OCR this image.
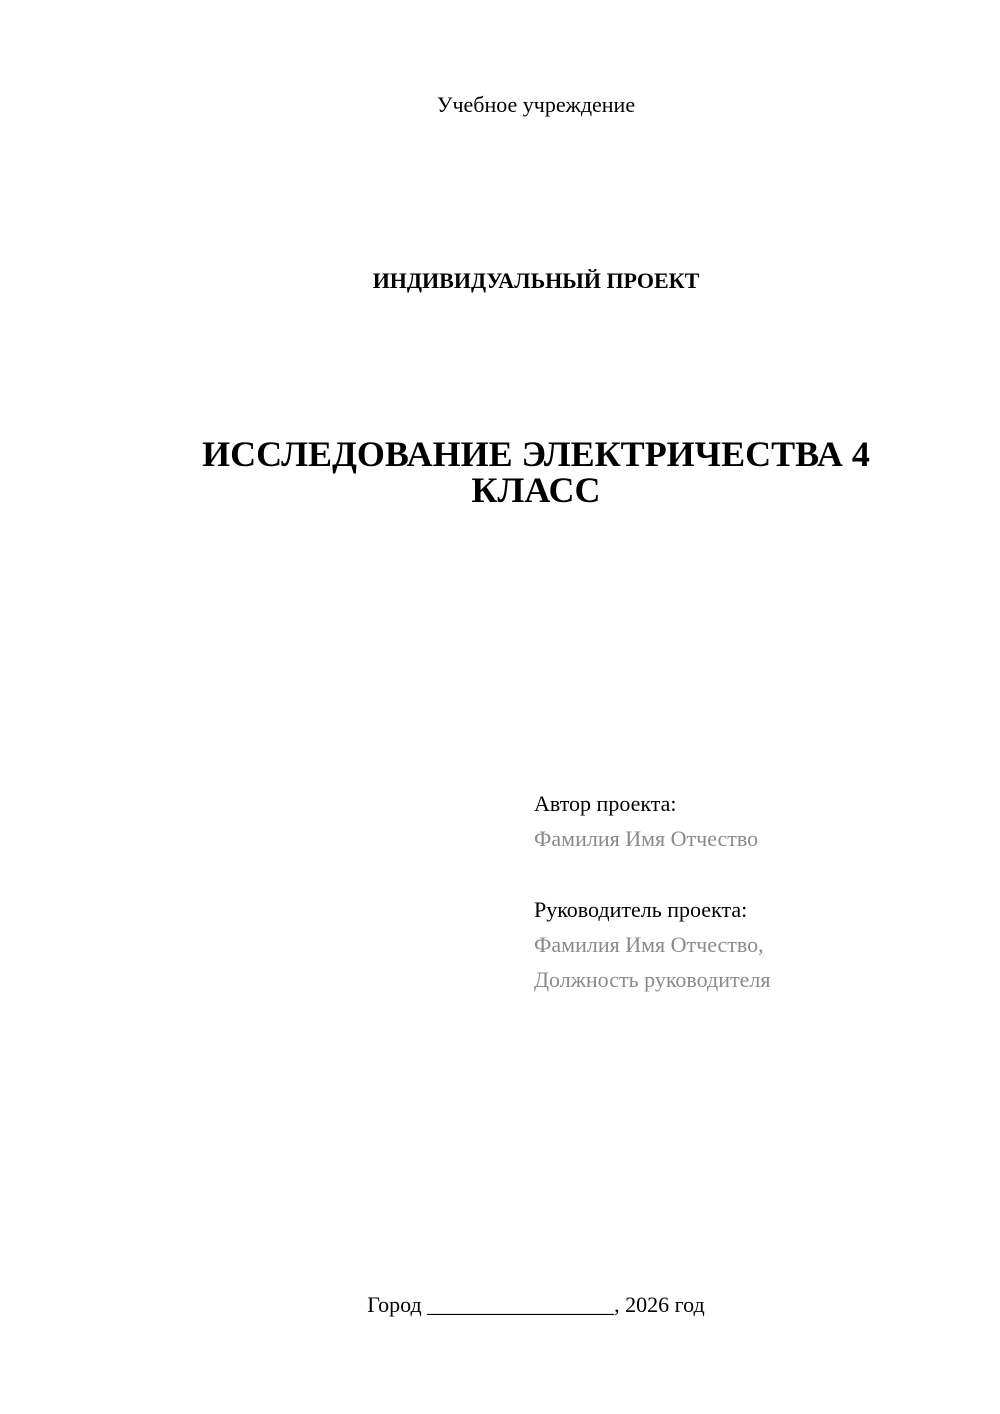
Учебное учреждение
ИНДИВИДУАЛЬНЫЙ ПРОЕКТ
ИССЛЕДОВАНИЕ ЭЛЕКТРИЧЕСТВА 4
КЛАСС
Автор проекта:
Фамилия Имя Отчество
Руководитель проекта:
Фамилия Имя Отчество,
Должность руководителя
Город _________________, 2026 год
